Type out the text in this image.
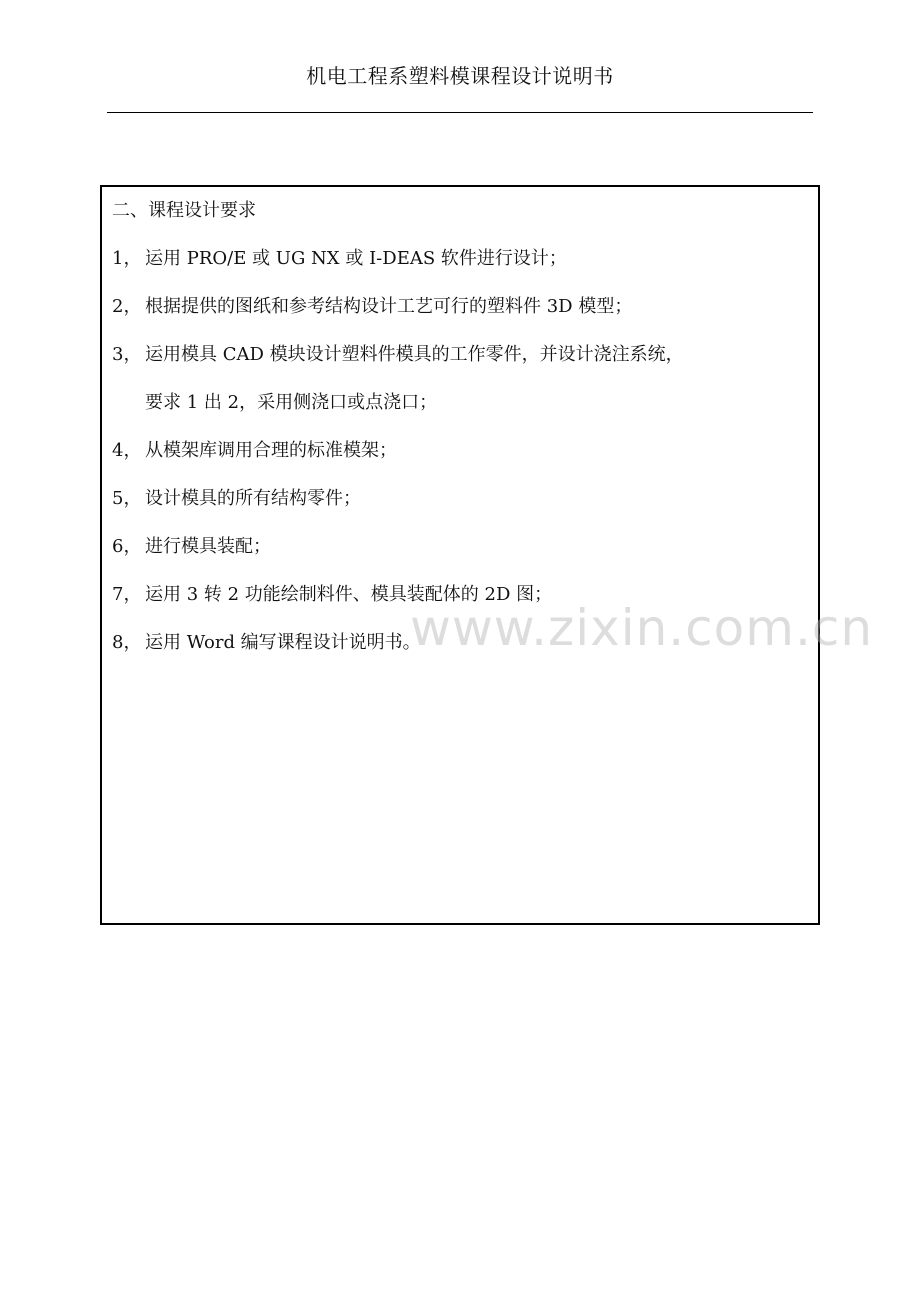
机电工程系塑料模课程设计说明书
二、课程设计要求
1， 运用 PRO/E 或 UG NX 或 I-DEAS 软件进行设计；
2， 根据提供的图纸和参考结构设计工艺可行的塑料件 3D 模型；
3， 运用模具 CAD 模块设计塑料件模具的工作零件，并设计浇注系统，
要求 1 出 2，采用侧浇口或点浇口；
4， 从模架库调用合理的标准模架；
5， 设计模具的所有结构零件；
6， 进行模具装配；
7， 运用 3 转 2 功能绘制料件、模具装配体的 2D 图；
8， 运用 Word 编写课程设计说明书。
www.zixin.com.cn
